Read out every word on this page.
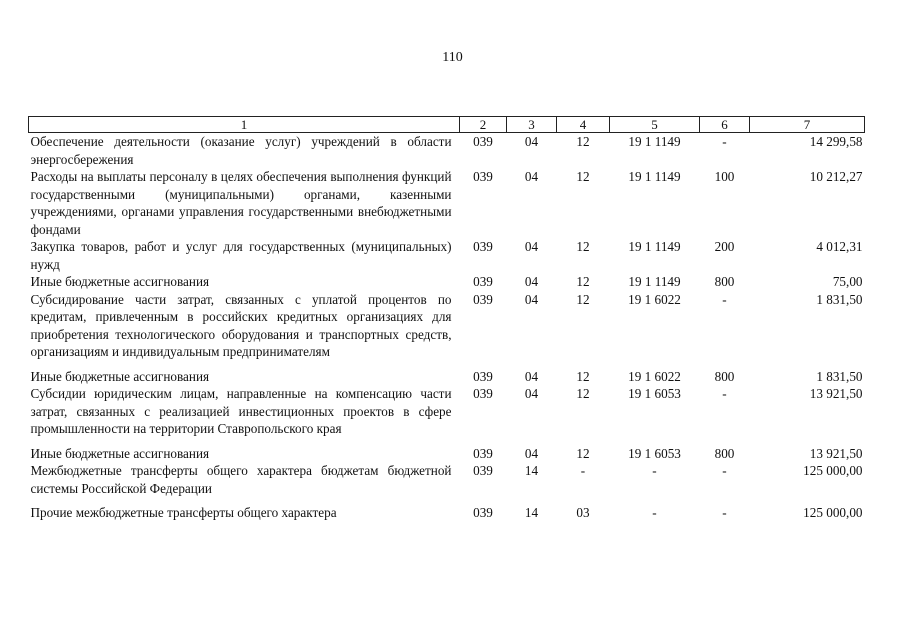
110
1	2	3	4	5	6	7
Обеспечение деятельности (оказание услуг) учреждений в области энергосбережения	039	04	12	19 1 1149	-	14 299,58
Расходы на выплаты персоналу в целях обеспечения выполнения функций государственными (муниципальными) органами, казенными учреждениями, органами управления государственными внебюджетными фондами	039	04	12	19 1 1149	100	10 212,27
Закупка товаров, работ и услуг для государственных (муниципальных) нужд	039	04	12	19 1 1149	200	4 012,31
Иные бюджетные ассигнования	039	04	12	19 1 1149	800	75,00
Субсидирование части затрат, связанных с уплатой процентов по кредитам, привлеченным в российских кредитных организациях для приобретения технологического оборудования и транспортных средств, организациям и индивидуальным предпринимателям	039	04	12	19 1 6022	-	1 831,50
Иные бюджетные ассигнования	039	04	12	19 1 6022	800	1 831,50
Субсидии юридическим лицам, направленные на компенсацию части затрат, связанных с реализацией инвестиционных проектов в сфере промышленности на территории Ставропольского края	039	04	12	19 1 6053	-	13 921,50
Иные бюджетные ассигнования	039	04	12	19 1 6053	800	13 921,50
Межбюджетные трансферты общего характера бюджетам бюджетной системы Российской Федерации	039	14	-	-	-	125 000,00
Прочие межбюджетные трансферты общего характера	039	14	03	-	-	125 000,00
